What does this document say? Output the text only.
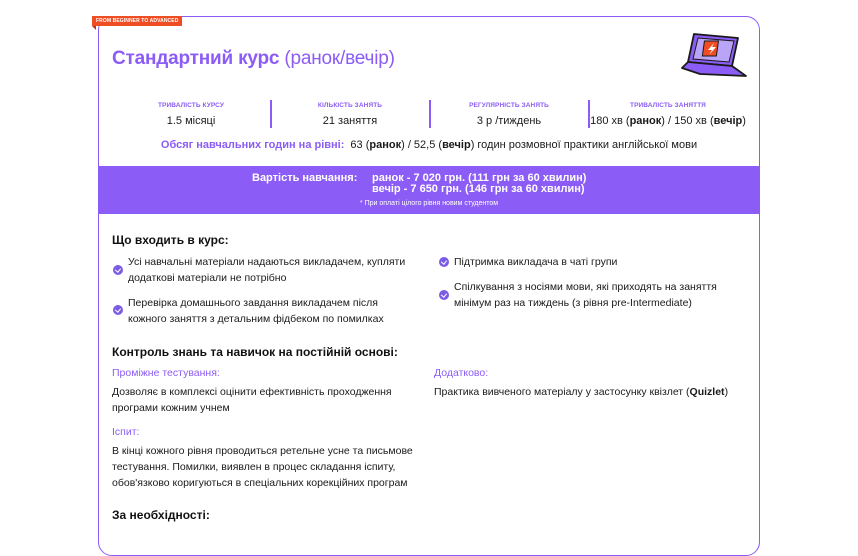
FROM BEGINNER TO ADVANCED
Стандартний курс (ранок/вечір)
ТРИВАЛІСТЬ КУРСУ
1.5 місяці
КІЛЬКІСТЬ ЗАНЯТЬ
21 заняття
РЕГУЛЯРНІСТЬ ЗАНЯТЬ
3 р /тиждень
ТРИВАЛІСТЬ ЗАНЯТТЯ
180 хв (ранок) / 150 хв (вечір)
Обсяг навчальних годин на рівні: 63 (ранок) / 52,5 (вечір) годин розмовної практики англійської мови
Вартість навчання: ранок - 7 020 грн. (111 грн за 60 хвилин)
вечір - 7 650 грн. (146 грн за 60 хвилин)
* При оплаті цілого рівня новим студентом
Що входить в курс:
Усі навчальні матеріали надаються викладачем, купляти
додаткові матеріали не потрібно
Перевірка домашнього завдання викладачем після
кожного заняття з детальним фідбеком по помилках
Підтримка викладача в чаті групи
Спілкування з носіями мови, які приходять на заняття
мінімум раз на тиждень (з рівня pre-Intermediate)
Контроль знань та навичок на постійній основі:
Проміжне тестування:
Дозволяє в комплексі оцінити ефективність проходження
програми кожним учнем
Іспит:
В кінці кожного рівня проводиться ретельне усне та письмове
тестування. Помилки, виявлен в процес складання іспиту,
обов'язково коригуються в спеціальних корекційних програм
Додатково:
Практика вивченого матеріалу у застосунку квізлет (Quizlet)
За необхідності:
